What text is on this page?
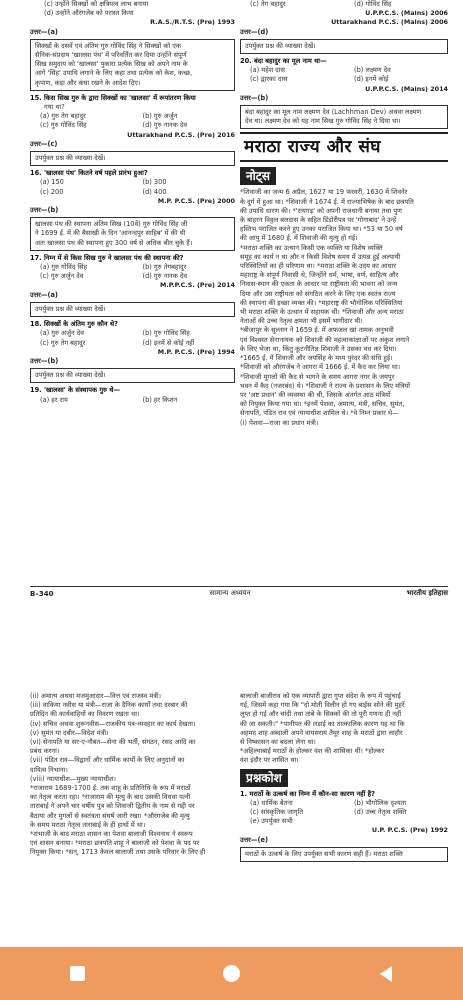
(c) उन्होंने सिक्खों को क्षत्रियत्व लाभ बनाया
(d) उन्होंने औरंगजेब को परास्त किया
R.A.S./R.T.S. (Pre) 1993
उत्तर—(a)
सिक्खों के दसवें एवं अंतिम गुरु गोविंद सिंह ने सिक्खों को एक
सैनिक-संप्रदाय 'खालसा पंथ' में परिवर्तित कर दिया उन्होंने संपूर्ण
सिख समुदाय को 'खालसा' पुकारा प्रत्येक सिख को अपने नाम के
आगे 'सिंह' उपाधि लगाने के लिए कहा तथा प्रत्येक को केश, कच्छ,
कृपाण, कड़ा और कंघा रखने के आदेश दिए।
15. किस सिख गुरु के द्वारा सिक्खों का 'खालसा' में रूपांतरण किया
गया था?
(a) गुरु तेग बहादुर	(b) गुरु अर्जुन
(c) गुरु गोविंद सिंह	(d) गुरु नानक देव
Uttarakhand P.C.S. (Pre) 2016
उत्तर—(c)
उपर्युक्त प्रश्न की व्याख्या देखें।
16. 'खालसा पंथ' कितने वर्ष पहले प्रारंभ हुआ?
(a) 150	(b) 300
(c) 200	(d) 400
M.P. P.C.S. (Pre) 2000
उत्तर—(b)
खालसा पंथ की स्थापना अंतिम सिख (10वें) गुरु गोविंद सिंह जी
ने 1699 ई. में की बैसाखी के दिन 'आनन्दपुर साहिब' में की थी
अतः खालसा पंथ की स्थापना हुए 300 वर्ष से अधिक बीत चुके हैं।
17. निम्न में से किस सिख गुरु ने खालसा पंथ की स्थापना की?
(a) गुरु गोविंद सिंह	(b) गुरु तेगबहादुर
(c) गुरु अर्जुन देव	(d) गुरु नानक देव
M.P.P.C.S. (Pre) 2014
उत्तर—(a)
उपर्युक्त प्रश्न की व्याख्या देखें।
18. सिक्खों के अंतिम गुरु कौन थे?
(a) गुरु अर्जुन देव	(b) गुरु गोविंद सिंह
(c) गुरु तेग बहादुर	(d) इनमें से कोई नहीं
M.P. P.C.S. (Pre) 1994
उत्तर—(b)
उपर्युक्त प्रश्न की व्याख्या देखें।
19. 'खालसा' के संस्थापक गुरु थे—
(a) हर राय	(b) हर किशन
(c) तेग बहादुर	(d) गोविंद सिंह
U.P.P.C.S. (Mains) 2006
Uttarakhand P.C.S. (Mains) 2006
उत्तर—(d)
उपर्युक्त प्रश्न की व्याख्या देखें।
20. बंदा बहादुर का मूल नाम था—
(a) महेश दास	(b) लक्ष्मण देव
(c) द्वारका दास	(d) इनमें कोई
U.P.P.C.S. (Mains) 2014
उत्तर—(b)
बंदा बहादुर का मूल नाम लक्ष्मण देव (Lachhman Dev) अथवा लक्ष्मण
देव था। लक्ष्मण देव को यह नाम सिख गुरु गोविंद सिंह ने दिया था।
मराठा राज्य और संघ
नोट्स
*शिवाजी का जन्म 6 अप्रैल, 1627 या 19 फरवरी, 1630 में शिवनेर
के दुर्ग में हुआ था। *शिवाजी ने 1674 ई. में राज्याभिषेक के बाद छत्रपति
की उपाधि धारण की। *'रायगढ़' को अपनी राजधानी बनाया तथा पुण
के बाहरन विठ्ठल बलदास के सहित डिंडोरीपत्र पर 'गोगाबाद' ने उन्हें
हस्तिभ पराजित करने हुए उनका पराजित किया था। *53 या 50 वर्ष
की आयु में 1680 ई. में शिवाजी की मृत्यु हो गई।
*मराठा शक्ति का उत्थान किसी एक व्यक्ति या विशेष व्यक्ति
समूह का कार्य न था और न किसी विशेष समय में उत्पन्न हुई अल्पायी
परिस्थितियों का ही परिणाम था। *मराठा शक्ति के उदय का आधार
महाराष्ट्र के संपूर्ण निवासी थे, जिन्होंने धर्म, भाषा, वर्ण, साहित्य और
निवास-स्थान की एकता के आधार पर राष्ट्रीयता की भावना को जन्म
दिया और उस राष्ट्रीयता को संगठित करने के लिए एक स्वतंत्र राज्य
की स्थापना की इच्छा व्यक्त की। *महाराष्ट्र की भौगोलिक परिस्थितियां
भी मराठा शक्ति के उत्थान में सहायक थीं। *शिवाजी और अन्य मराठा
नेताओं की उच्च नेतृत्व क्षमता भी इसमें भागीदार थी।
*बीजापुर के सुल्तान ने 1659 ई. में अफजल खां नामक अनुभवी
एवं विश्वस्त सेनानायक को शिवाजी की महत्वाकांक्षाओं पर अंकुश लगाने
के लिए भेजा था, किंतु कूटनीतिज्ञ शिवाजी ने उसका वध कर दिया।
*1665 ई. में शिवाजी और जयसिंह के मध्य पुरंदर की संधि हुई।
*शिवाजी को औरंगजेब ने आगरा में 1666 ई. में कैद कर लिया था।
*शिवाजी मुगलों की कैद से भागने के समय आगरा नगर के जयपुर
भवन में कैद (नजरबंद) थे। *शिवाजी ने राज्य के प्रशासन के लिए मंत्रियों
पर 'अष्ट प्रधान' की व्यवस्था की थी, जिसके अंतर्गत आठ मंत्रियों
को नियुक्त किया गया था। *इनमें पेशवा, अमात्य, मंत्री, सचिव, सुमंत,
सेनापति, पंडित राव एवं न्यायाधीश शामिल थे। *वे निम्न प्रकार थे—
(i) पेशवा—राजा का प्रधान मंत्री।
B–340	सामान्य अध्ययन	भारतीय इतिहास
(ii) अमात्य अथवा मजमुआदार—वित्त एवं राजस्व मंत्री।
(iii) वाकिया नवीस या मंत्री—राजा के दैनिक कार्यों तथा दरबार की
प्रतिदिन की कार्यवाहियों का विवरण रखता था।
(iv) सचिव अथवा शुरूनवीस—राजकीय पत्र-व्यवहार का कार्य देखता।
(v) सुमंत या दबीर—विदेश मंत्री।
(vi) सेनापति या सर-ए-नौबत—सेना की भर्ती, संगठन, रसद आदि का
प्रबंध करना।
(vii) पंडित राव—विद्वानों और धार्मिक कार्यों के लिए अनुदानों का
दायित्व निभाना।
(viii) न्यायाधीश—मुख्य न्यायाधीश।
*राजाराम 1689-1700 ई. तक शाहू के प्रतिनिधि के रूप में मराठों
का नेतृत्व करता रहा। *राजाराम की मृत्यु के बाद उसकी विधवा पत्नी
ताराबाई ने अपने चार वर्षीय पुत्र को शिवाजी द्वितीय के नाम से गद्दी पर
बैठाया और मुगलों से स्वतंत्रता संघर्ष जारी रखा। *औरंगजेब की मृत्यु
के समय मराठा नेतृत्व ताराबाई के ही हाथों में था।
*शंभाजी के बाद मराठा शासन का पेशवा बालाजी विश्वनाथ ने स्वरूप
एवं शासन बनाया। *मराठा छत्रपति शाहू ने बालाजी को पेशवा के पद पर
नियुक्त किया। *सन्, 1713 केवल बालाजी तथा उसके परिवार के लिए ही
बालाजी बाजीराव को एक व्यापारी द्वारा गुप्त संदेश के रूप में पहुंचाई
गई, जिसमें कहा गया कि "दो मोती विलीन हो गए बाईस सोने की मुहरें
लुप्त हो गई और चांदी तथा तांबे के सिक्कों की तो पूरी गणना ही नहीं
की जा सकती।" *पानीपत की लड़ाई का तात्कालिक कारण यह था कि
अहमद शाह अब्दाली अपने वायसराय तैमूर शाह के मराठों द्वारा लाहौर
से निष्कासन का बदला लेना था।
*अहिल्याबाई मराठों के होल्कर वंश की शासिका थीं। *होल्कर
वंश इंदौर पर शासित था।
प्रश्नकोश
1. मराठों के उत्कर्ष का निम्न में कौन-सा कारण नहीं है?
(a) धार्मिक बेतना	(b) भौगोलिक दृश्यता
(c) सांस्कृतिक जागृति	(d) उच्च नेतृत्व शक्ति
(e) उपर्युक्त सभी
U.P. P.C.S. (Pre) 1992
उत्तर—(e)
मराठों के उत्कर्ष के लिए उपर्युक्त सभी कारण सही हैं। मराठा शक्ति
